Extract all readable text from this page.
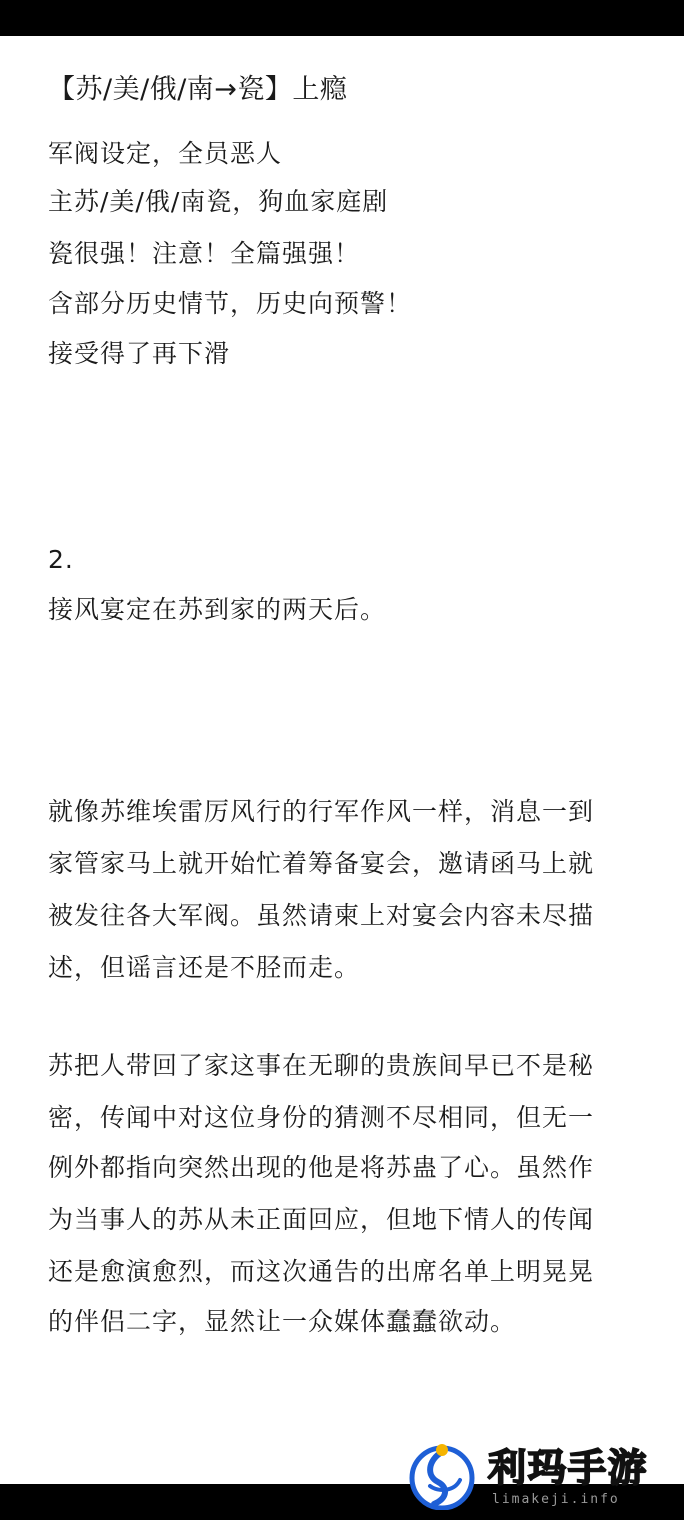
【苏/美/俄/南→瓷】上瘾
军阀设定，全员恶人
主苏/美/俄/南瓷，狗血家庭剧
瓷很强！注意！全篇强强！
含部分历史情节，历史向预警！
接受得了再下滑
2.
接风宴定在苏到家的两天后。
就像苏维埃雷厉风行的行军作风一样，消息一到
家管家马上就开始忙着筹备宴会，邀请函马上就
被发往各大军阀。虽然请柬上对宴会内容未尽描
述，但谣言还是不胫而走。
苏把人带回了家这事在无聊的贵族间早已不是秘
密，传闻中对这位身份的猜测不尽相同，但无一
例外都指向突然出现的他是将苏蛊了心。虽然作
为当事人的苏从未正面回应，但地下情人的传闻
还是愈演愈烈，而这次通告的出席名单上明晃晃
的伴侣二字，显然让一众媒体蠢蠢欲动。
利玛手游
limakeji.info
